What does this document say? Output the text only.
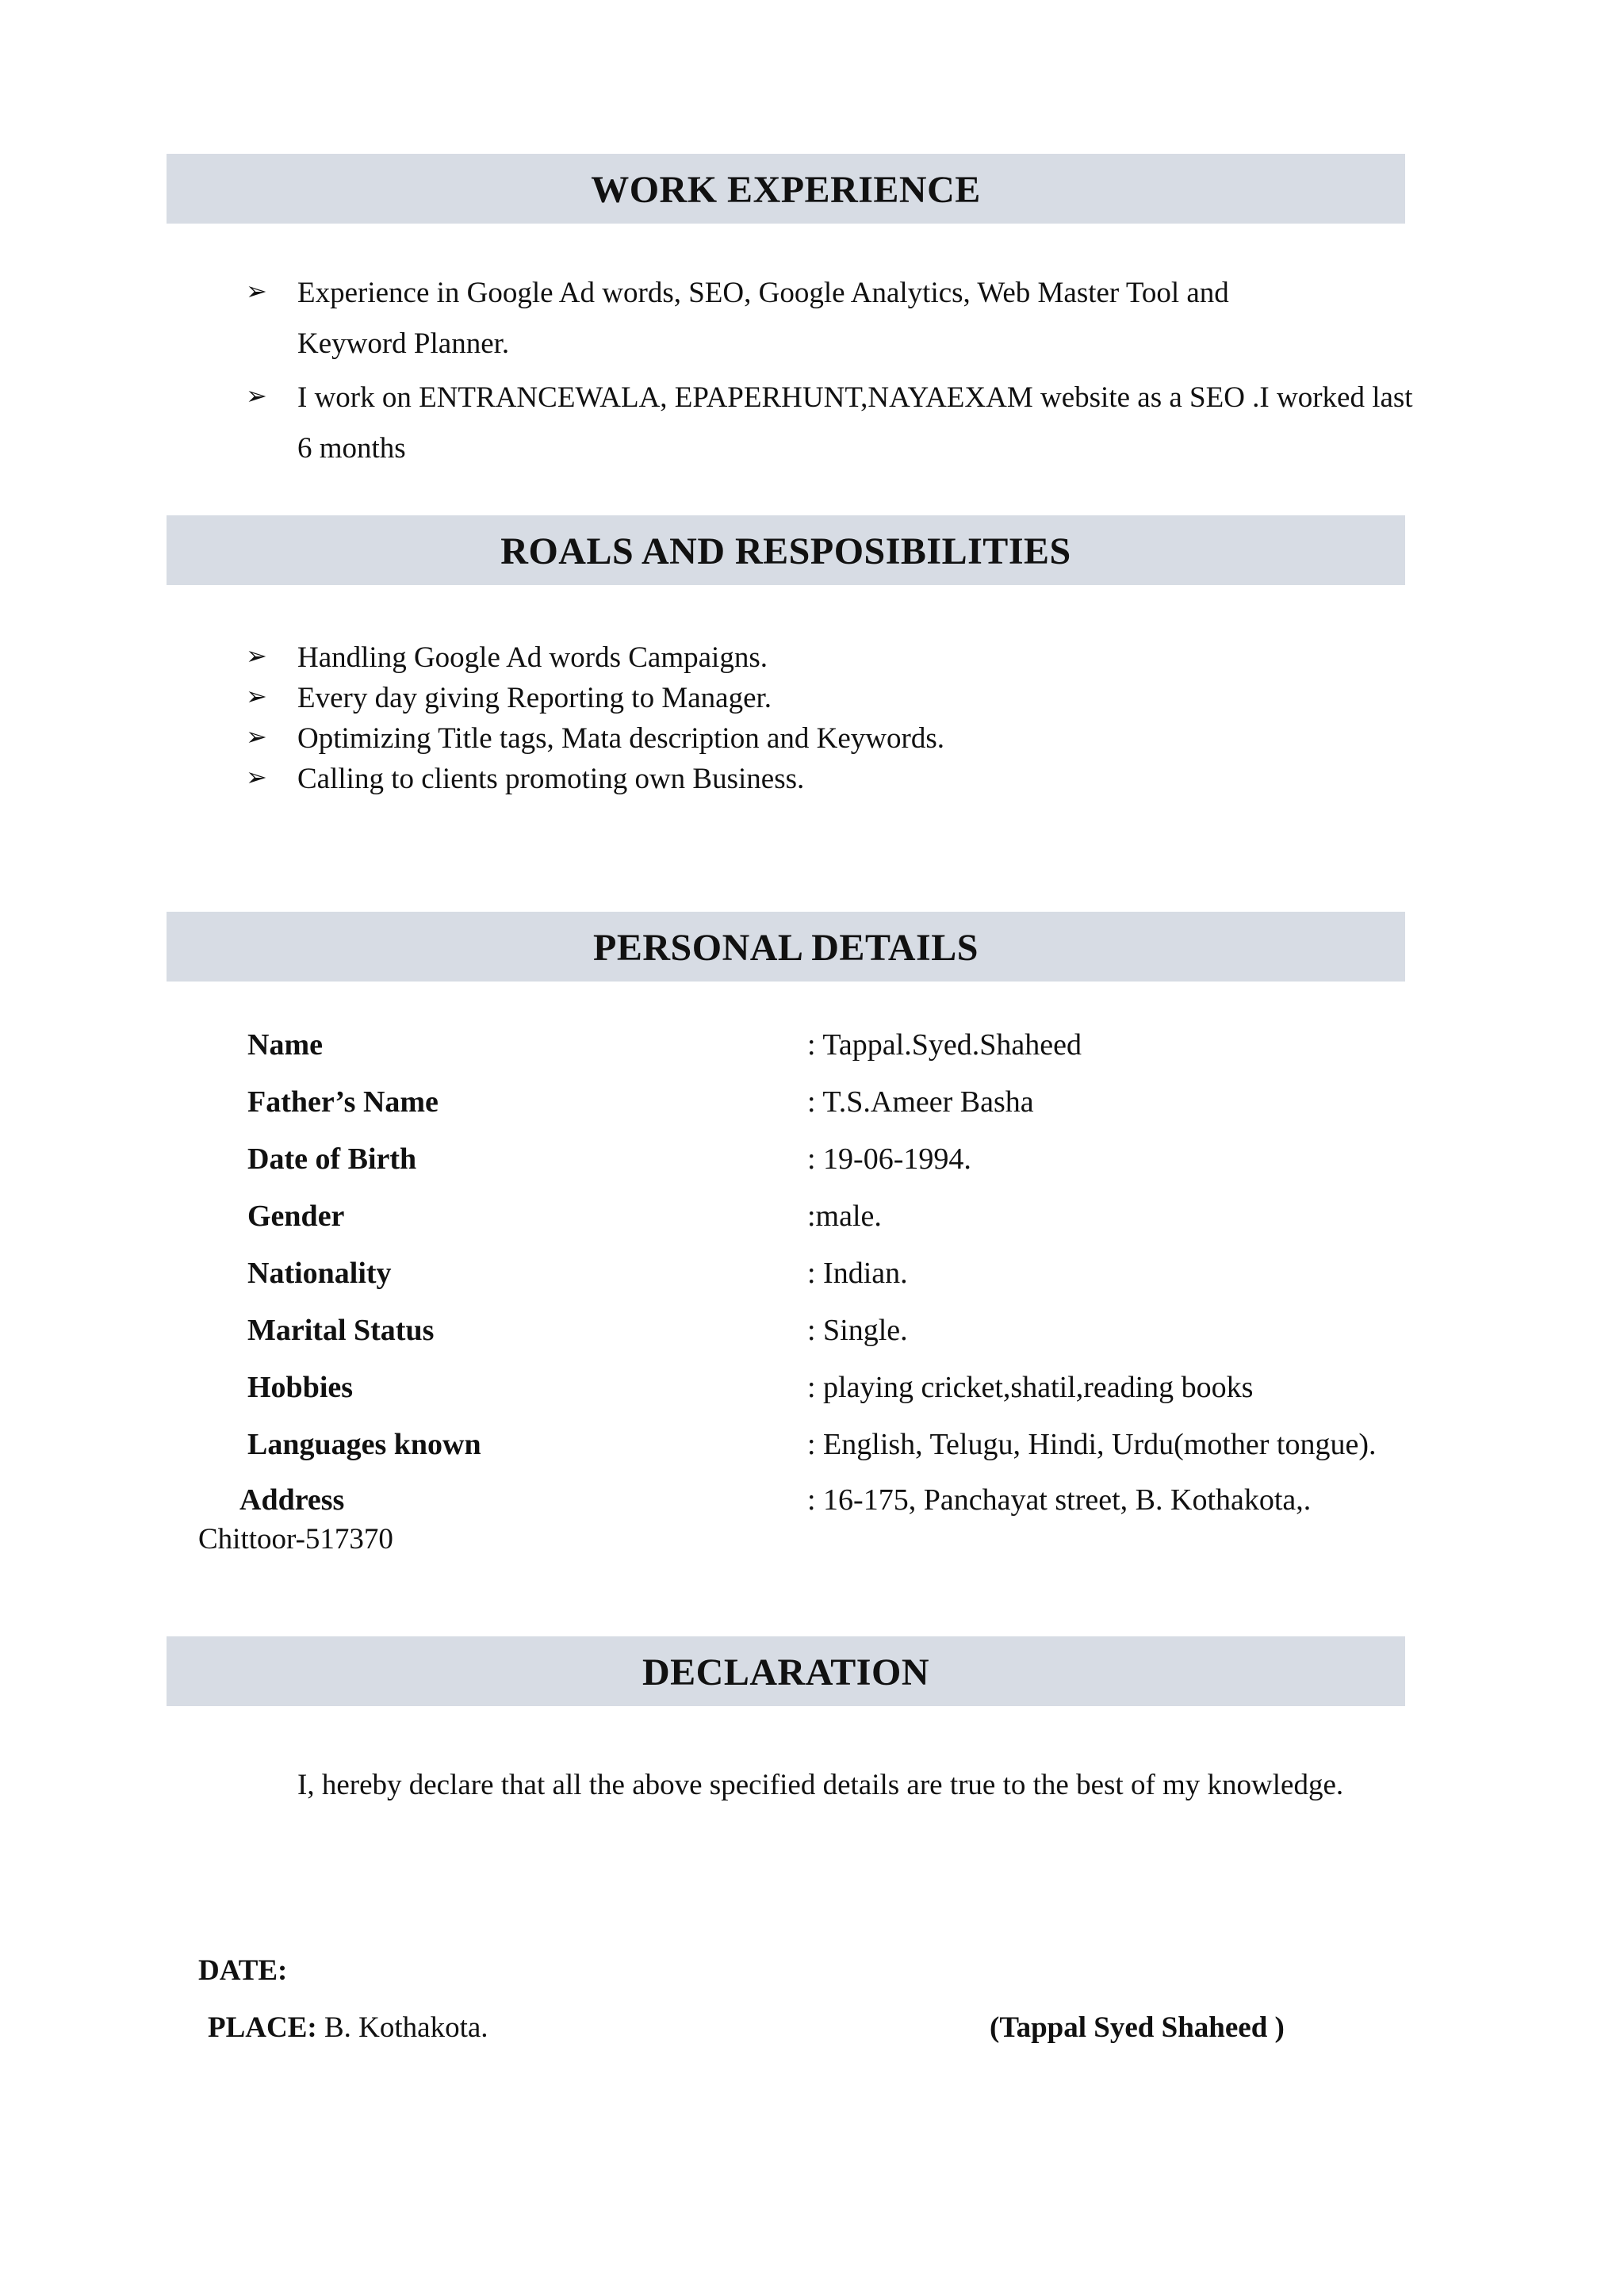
WORK EXPERIENCE
➢ Experience in Google Ad words, SEO, Google Analytics, Web Master Tool and
Keyword Planner.
➢ I work on ENTRANCEWALA, EPAPERHUNT,NAYAEXAM website as a SEO .I worked last
6 months
ROALS AND RESPOSIBILITIES
➢ Handling Google Ad words Campaigns.
➢ Every day giving Reporting to Manager.
➢ Optimizing Title tags, Mata description and Keywords.
➢ Calling to clients promoting own Business.
PERSONAL DETAILS
Name	: Tappal.Syed.Shaheed
Father’s Name	: T.S.Ameer Basha
Date of Birth	: 19-06-1994.
Gender	:male.
Nationality	: Indian.
Marital Status	: Single.
Hobbies	: playing cricket,shatil,reading books
Languages known	: English, Telugu, Hindi, Urdu(mother tongue).
Address	: 16-175, Panchayat street, B. Kothakota,.
Chittoor-517370
DECLARATION
I, hereby declare that all the above specified details are true to the best of my knowledge.
DATE:
PLACE: B. Kothakota.	(Tappal Syed Shaheed )
